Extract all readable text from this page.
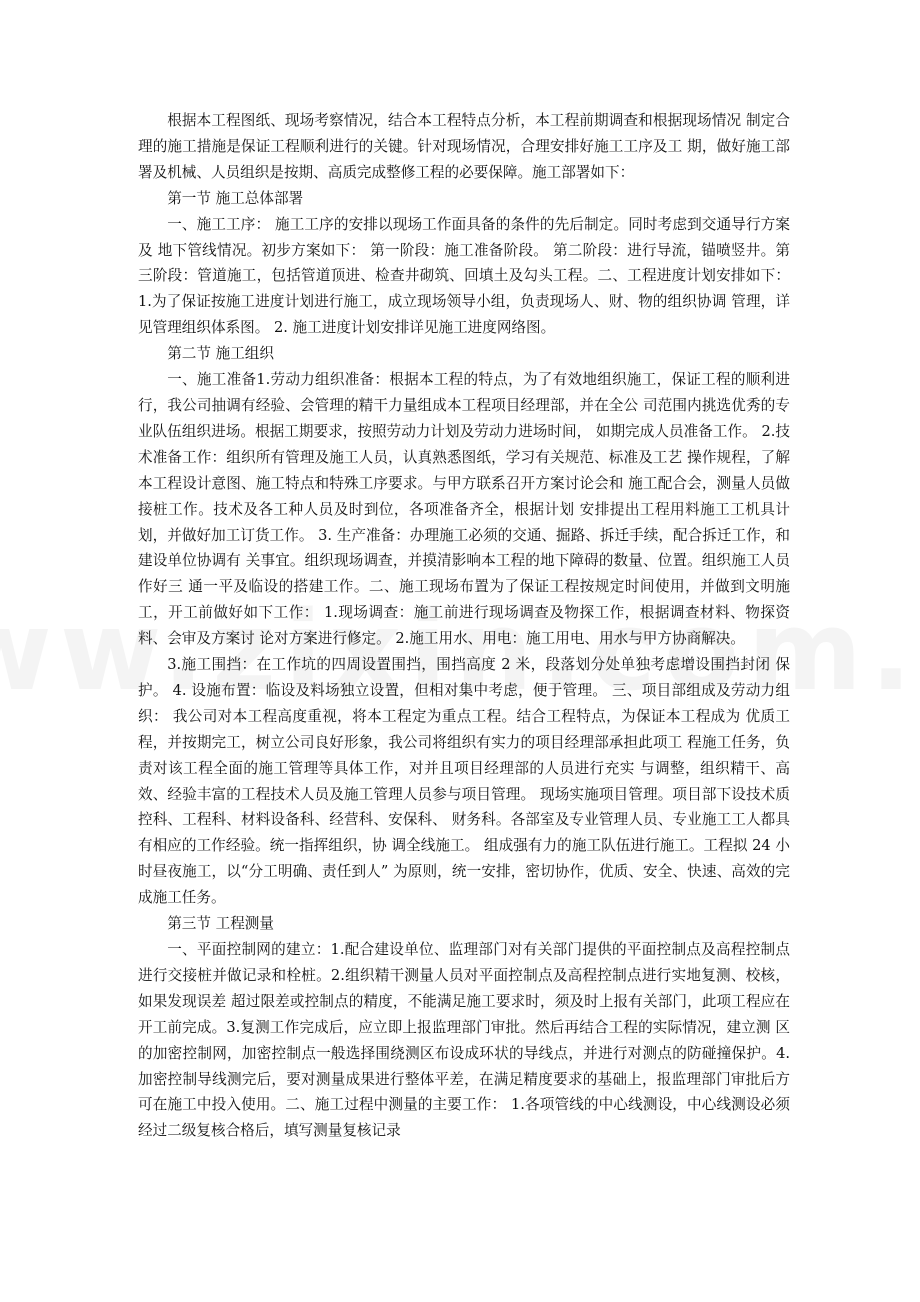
根据本工程图纸、现场考察情况，结合本工程特点分析，本工程前期调查和根据现场情况 制定合理的施工措施是保证工程顺利进行的关键。针对现场情况，合理安排好施工工序及工 期，做好施工部署及机械、人员组织是按期、高质完成整修工程的必要保障。施工部署如下：

第一节 施工总体部署

一、施工工序： 施工工序的安排以现场工作面具备的条件的先后制定。同时考虑到交通导行方案及 地下管线情况。初步方案如下： 第一阶段：施工准备阶段。 第二阶段：进行导流，锚喷竖井。第三阶段：管道施工，包括管道顶进、检查井砌筑、回填土及勾头工程。二、工程进度计划安排如下：1.为了保证按施工进度计划进行施工，成立现场领导小组，负责现场人、财、物的组织协调 管理，详见管理组织体系图。 2. 施工进度计划安排详见施工进度网络图。

第二节 施工组织

一、施工准备1.劳动力组织准备：根据本工程的特点，为了有效地组织施工，保证工程的顺利进行，我公司抽调有经验、会管理的精干力量组成本工程项目经理部，并在全公 司范围内挑选优秀的专业队伍组织进场。根据工期要求，按照劳动力计划及劳动力进场时间， 如期完成人员准备工作。 2.技术准备工作：组织所有管理及施工人员，认真熟悉图纸，学习有关规范、标准及工艺 操作规程，了解本工程设计意图、施工特点和特殊工序要求。与甲方联系召开方案讨论会和 施工配合会，测量人员做接桩工作。技术及各工种人员及时到位，各项准备齐全，根据计划 安排提出工程用料施工工机具计划，并做好加工订货工作。 3. 生产准备：办理施工必须的交通、掘路、拆迁手续，配合拆迁工作，和建设单位协调有 关事宜。组织现场调查，并摸清影响本工程的地下障碍的数量、位置。组织施工人员作好三 通一平及临设的搭建工作。二、施工现场布置为了保证工程按规定时间使用，并做到文明施工，开工前做好如下工作： 1.现场调查：施工前进行现场调查及物探工作，根据调查材料、物探资料、会审及方案讨 论对方案进行修定。 2.施工用水、用电：施工用电、用水与甲方协商解决。

3.施工围挡：在工作坑的四周设置围挡，围挡高度 2 米，段落划分处单独考虑增设围挡封闭 保护。 4. 设施布置：临设及料场独立设置，但相对集中考虑，便于管理。 三、项目部组成及劳动力组织： 我公司对本工程高度重视，将本工程定为重点工程。结合工程特点，为保证本工程成为 优质工程，并按期完工，树立公司良好形象，我公司将组织有实力的项目经理部承担此项工 程施工任务，负责对该工程全面的施工管理等具体工作，对并且项目经理部的人员进行充实 与调整，组织精干、高效、经验丰富的工程技术人员及施工管理人员参与项目管理。 现场实施项目管理。项目部下设技术质控科、工程科、材料设备科、经营科、安保科、 财务科。各部室及专业管理人员、专业施工工人都具有相应的工作经验。统一指挥组织，协 调全线施工。 组成强有力的施工队伍进行施工。工程拟 24 小时昼夜施工，以“分工明确、责任到人” 为原则，统一安排，密切协作，优质、安全、快速、高效的完成施工任务。

第三节 工程测量

一、平面控制网的建立：1.配合建设单位、监理部门对有关部门提供的平面控制点及高程控制点进行交接桩并做记录和栓桩。2.组织精干测量人员对平面控制点及高程控制点进行实地复测、校核，如果发现误差 超过限差或控制点的精度，不能满足施工要求时，须及时上报有关部门，此项工程应在开工前完成。3.复测工作完成后，应立即上报监理部门审批。然后再结合工程的实际情况，建立测 区的加密控制网，加密控制点一般选择围绕测区布设成环状的导线点，并进行对测点的防碰撞保护。4.加密控制导线测完后，要对测量成果进行整体平差，在满足精度要求的基础上，报监理部门审批后方可在施工中投入使用。二、施工过程中测量的主要工作： 1.各项管线的中心线测设，中心线测设必须经过二级复核合格后，填写测量复核记录
